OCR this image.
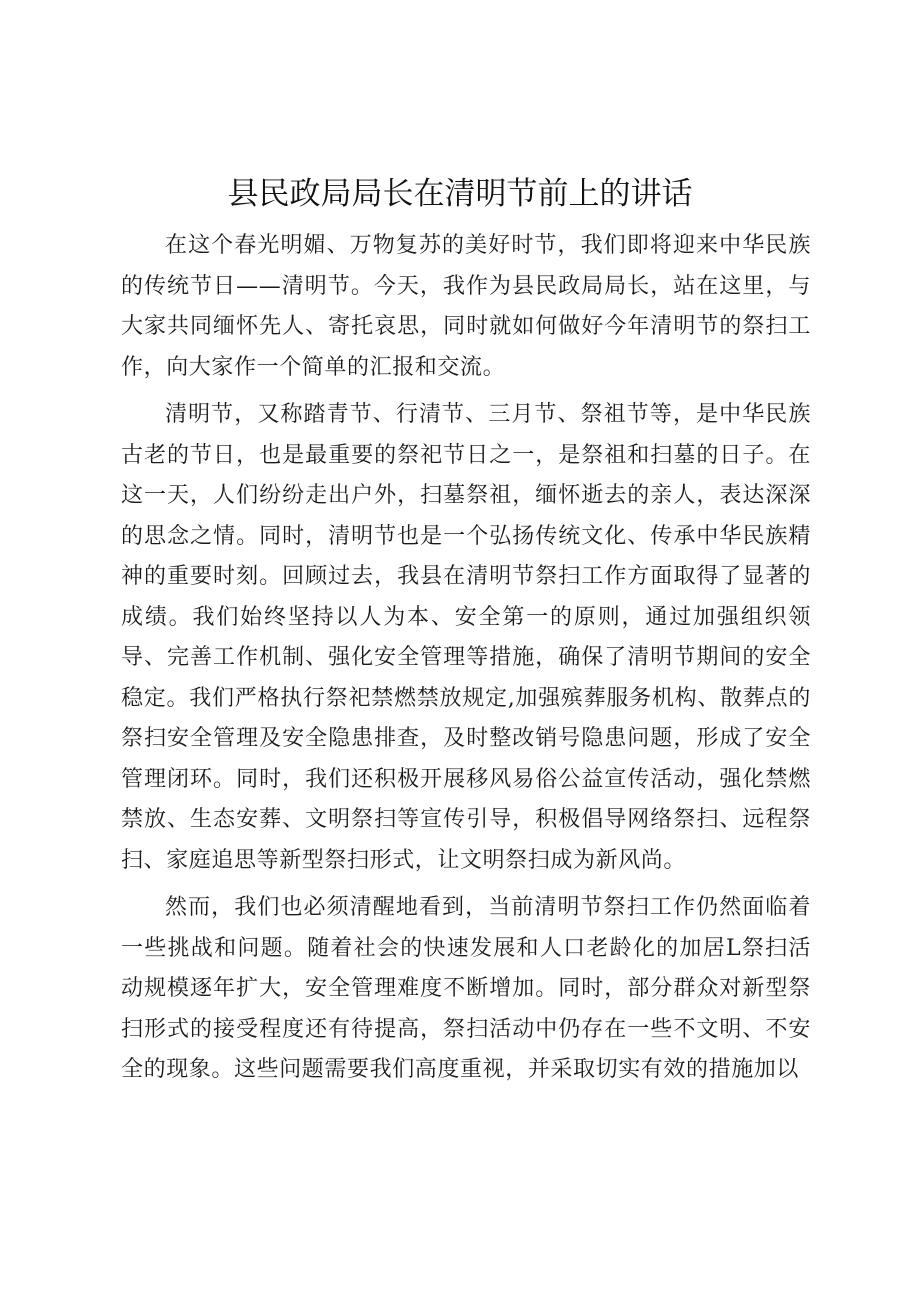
县民政局局长在清明节前上的讲话

在这个春光明媚、万物复苏的美好时节，我们即将迎来中华民族的传统节日——清明节。今天，我作为县民政局局长，站在这里，与大家共同缅怀先人、寄托哀思，同时就如何做好今年清明节的祭扫工作，向大家作一个简单的汇报和交流。

清明节，又称踏青节、行清节、三月节、祭祖节等，是中华民族古老的节日，也是最重要的祭祀节日之一，是祭祖和扫墓的日子。在这一天，人们纷纷走出户外，扫墓祭祖，缅怀逝去的亲人，表达深深的思念之情。同时，清明节也是一个弘扬传统文化、传承中华民族精神的重要时刻。回顾过去，我县在清明节祭扫工作方面取得了显著的成绩。我们始终坚持以人为本、安全第一的原则，通过加强组织领导、完善工作机制、强化安全管理等措施，确保了清明节期间的安全稳定。我们严格执行祭祀禁燃禁放规定,加强殡葬服务机构、散葬点的祭扫安全管理及安全隐患排查，及时整改销号隐患问题，形成了安全管理闭环。同时，我们还积极开展移风易俗公益宣传活动，强化禁燃禁放、生态安葬、文明祭扫等宣传引导，积极倡导网络祭扫、远程祭扫、家庭追思等新型祭扫形式，让文明祭扫成为新风尚。

然而，我们也必须清醒地看到，当前清明节祭扫工作仍然面临着一些挑战和问题。随着社会的快速发展和人口老龄化的加居L祭扫活动规模逐年扩大，安全管理难度不断增加。同时，部分群众对新型祭扫形式的接受程度还有待提高，祭扫活动中仍存在一些不文明、不安全的现象。这些问题需要我们高度重视，并采取切实有效的措施加以
